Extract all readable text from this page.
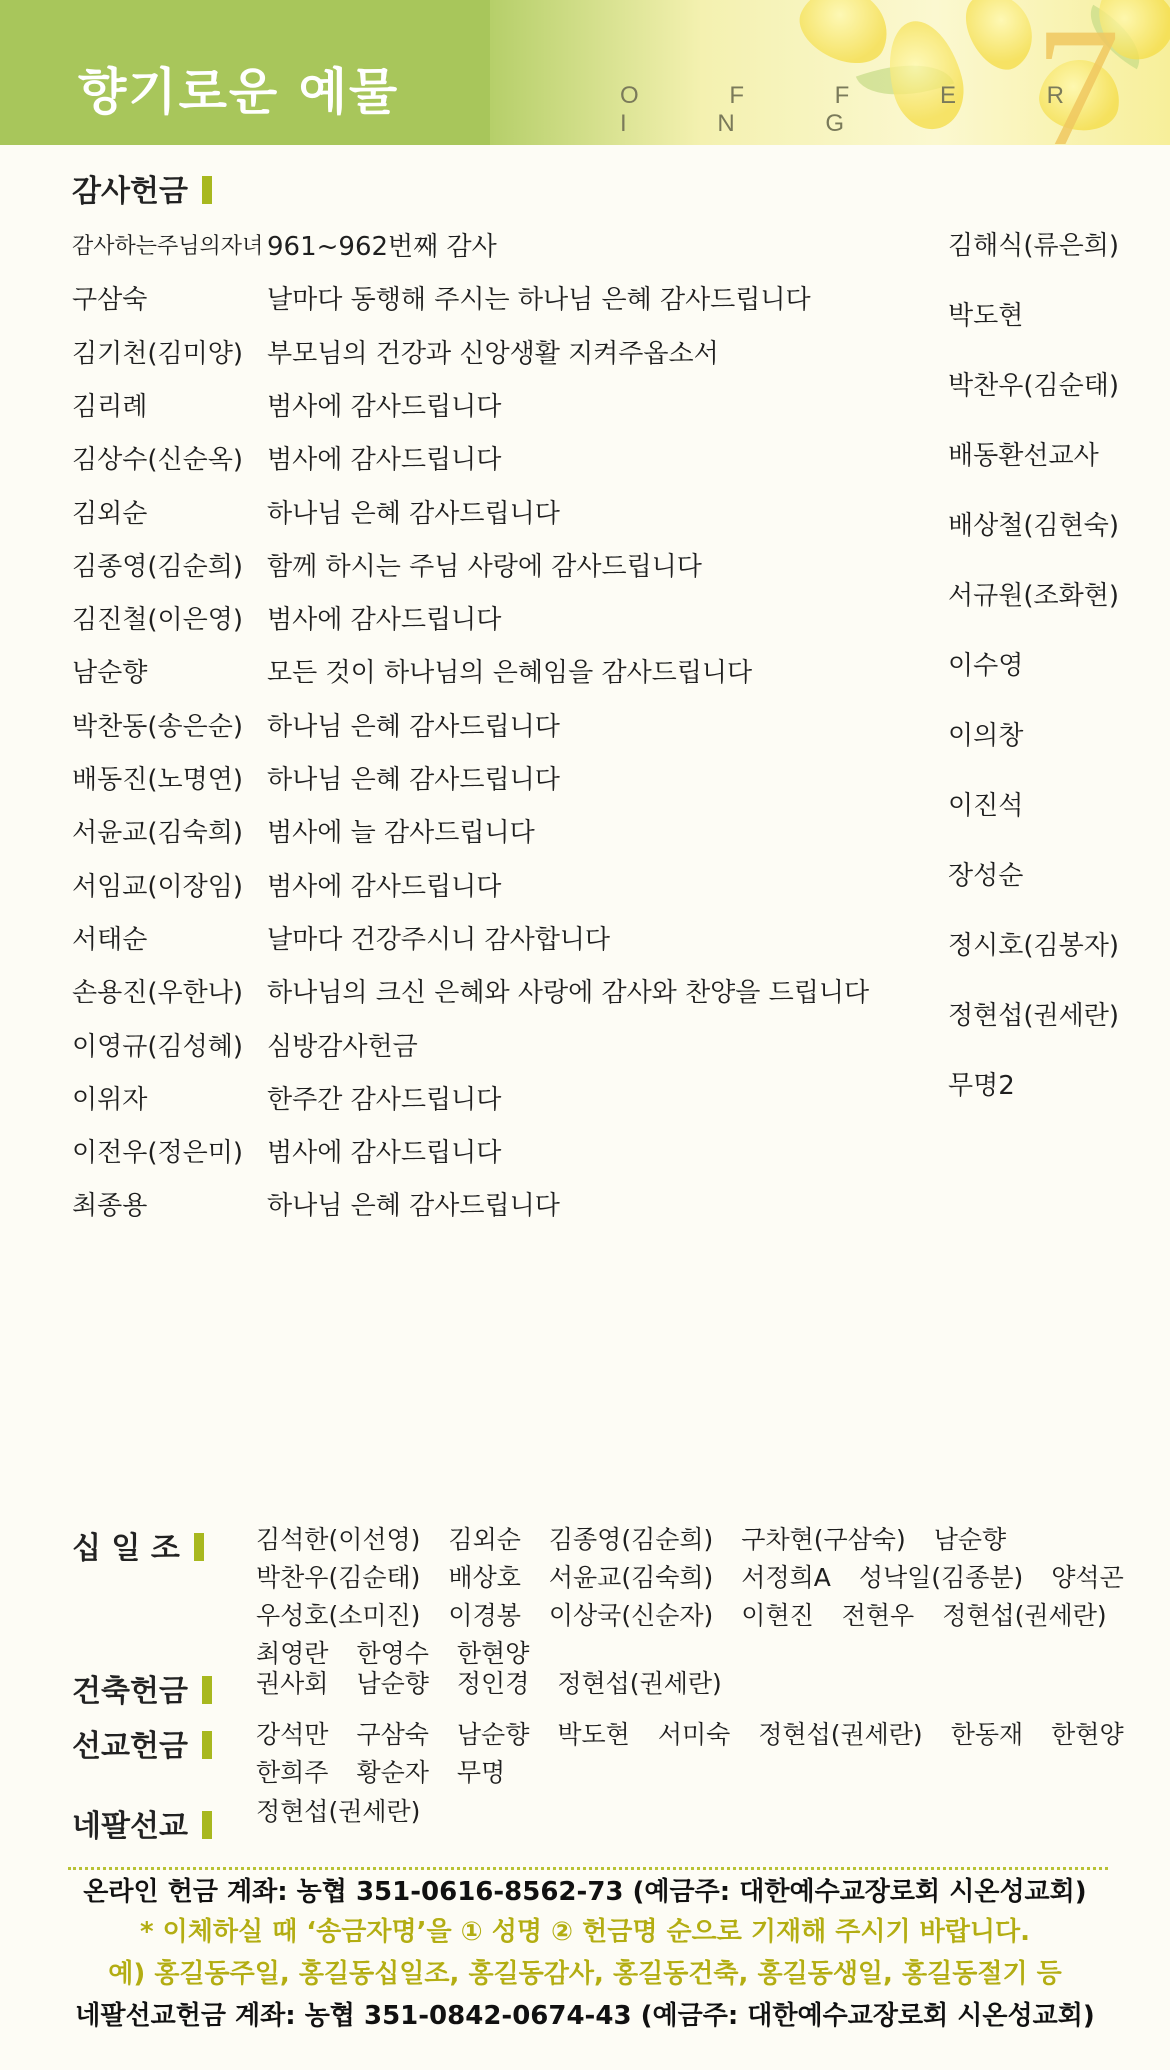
향기로운 예물	O F F E R I N G 7
감사헌금
감사하는주님의자녀 961~962번째 감사
구삼숙	날마다 동행해 주시는 하나님 은혜 감사드립니다
김기천(김미양) 부모님의 건강과 신앙생활 지켜주옵소서
김리례	범사에 감사드립니다
김상수(신순옥) 범사에 감사드립니다
김외순	하나님 은혜 감사드립니다
김종영(김순희) 함께 하시는 주님 사랑에 감사드립니다
김진철(이은영) 범사에 감사드립니다
남순향	모든 것이 하나님의 은혜임을 감사드립니다
박찬동(송은순) 하나님 은혜 감사드립니다
배동진(노명연) 하나님 은혜 감사드립니다
서윤교(김숙희) 범사에 늘 감사드립니다
서임교(이장임) 범사에 감사드립니다
서태순	날마다 건강주시니 감사합니다
손용진(우한나) 하나님의 크신 은혜와 사랑에 감사와 찬양을 드립니다
이영규(김성혜) 심방감사헌금
이위자	한주간 감사드립니다
이전우(정은미) 범사에 감사드립니다
최종용	하나님 은혜 감사드립니다
김해식(류은희)
박도현
박찬우(김순태)
배동환선교사
배상철(김현숙)
서규원(조화현)
이수영
이의창
이진석
장성순
정시호(김봉자)
정현섭(권세란)
무명2
십 일 조	김석한(이선영) 김외순 김종영(김순희) 구차현(구삼숙) 남순향
박찬우(김순태) 배상호 서윤교(김숙희) 서정희A 성낙일(김종분) 양석곤
우성호(소미진) 이경봉 이상국(신순자) 이현진 전현우 정현섭(권세란)
최영란 한영수 한현양
건축헌금	권사회 남순향 정인경 정현섭(권세란)
선교헌금	강석만 구삼숙 남순향 박도현 서미숙 정현섭(권세란) 한동재 한현양
한희주 황순자 무명
네팔선교	정현섭(권세란)
온라인 헌금 계좌: 농협 351-0616-8562-73 (예금주: 대한예수교장로회 시온성교회)
* 이체하실 때 ‘송금자명’을 ① 성명 ② 헌금명 순으로 기재해 주시기 바랍니다.
예) 홍길동주일, 홍길동십일조, 홍길동감사, 홍길동건축, 홍길동생일, 홍길동절기 등
네팔선교헌금 계좌: 농협 351-0842-0674-43 (예금주: 대한예수교장로회 시온성교회)
